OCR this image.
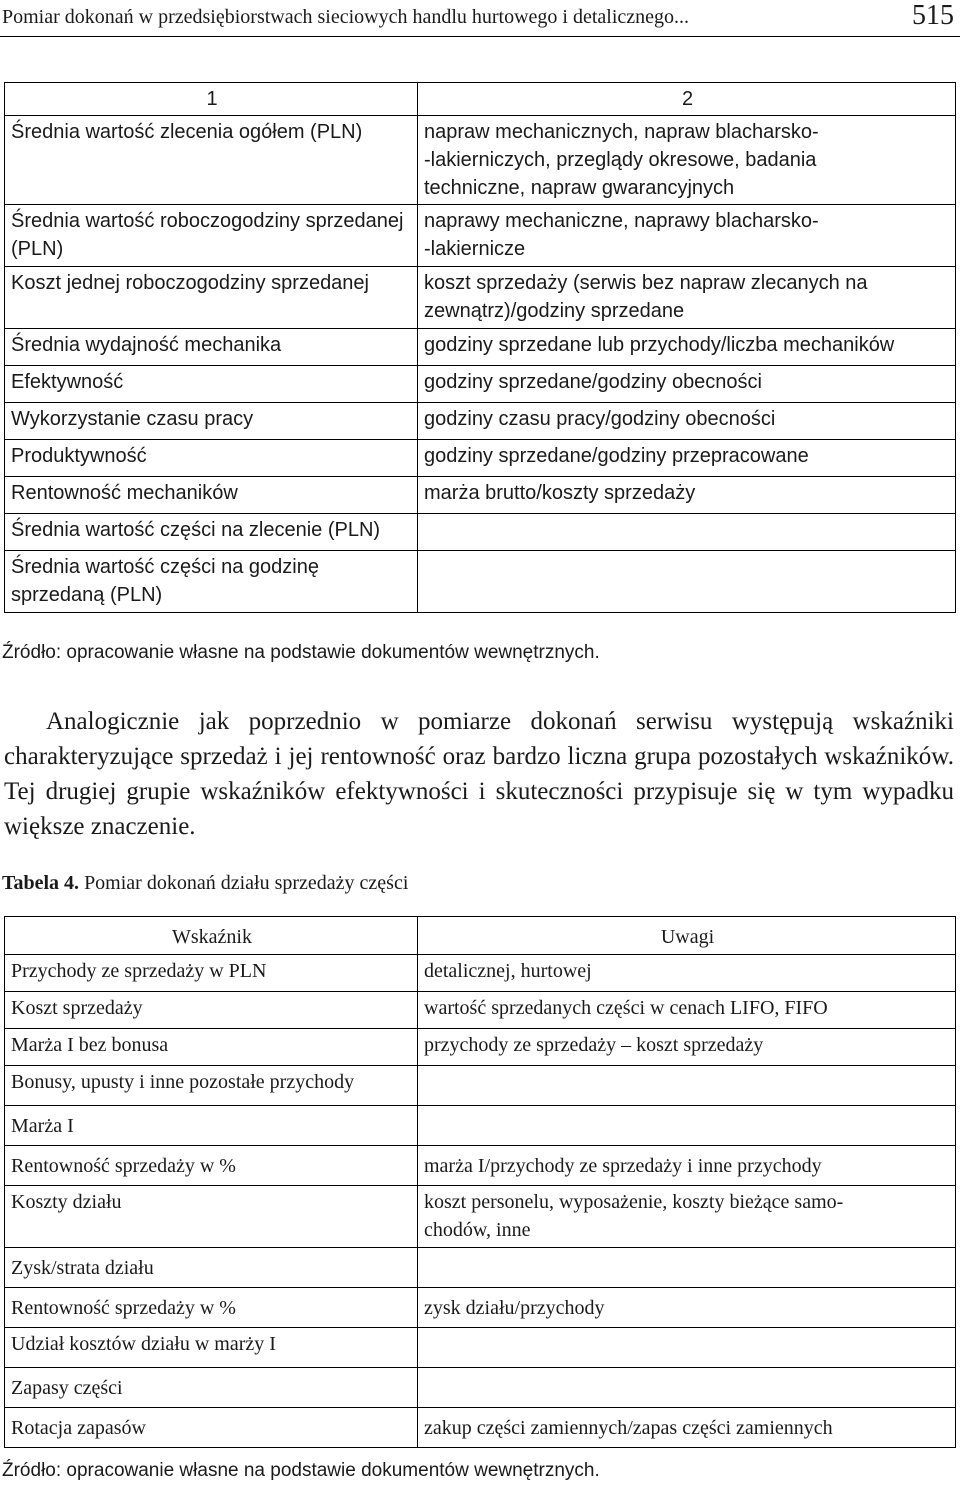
Pomiar dokonań w przedsiębiorstwach sieciowych handlu hurtowego i detalicznego...	515
1	2
Średnia wartość zlecenia ogółem (PLN)	napraw mechanicznych, napraw blacharsko-
-lakierniczych, przeglądy okresowe, badania
techniczne, napraw gwarancyjnych
Średnia wartość roboczogodziny sprzedanej
(PLN)	naprawy mechaniczne, naprawy blacharsko-
-lakiernicze
Koszt jednej roboczogodziny sprzedanej	koszt sprzedaży (serwis bez napraw zlecanych na
zewnątrz)/godziny sprzedane
Średnia wydajność mechanika	godziny sprzedane lub przychody/liczba mechaników
Efektywność	godziny sprzedane/godziny obecności
Wykorzystanie czasu pracy	godziny czasu pracy/godziny obecności
Produktywność	godziny sprzedane/godziny przepracowane
Rentowność mechaników	marża brutto/koszty sprzedaży
Średnia wartość części na zlecenie (PLN)	
Średnia wartość części na godzinę
sprzedaną (PLN)	
Źródło: opracowanie własne na podstawie dokumentów wewnętrznych.
Analogicznie jak poprzednio w pomiarze dokonań serwisu występują wskaźniki charakteryzujące sprzedaż i jej rentowność oraz bardzo liczna grupa pozostałych wskaźników. Tej drugiej grupie wskaźników efektywności i skuteczności przypisuje się w tym wypadku większe znaczenie.
Tabela 4. Pomiar dokonań działu sprzedaży części
Wskaźnik	Uwagi
Przychody ze sprzedaży w PLN	detalicznej, hurtowej
Koszt sprzedaży	wartość sprzedanych części w cenach LIFO, FIFO
Marża I bez bonusa	przychody ze sprzedaży – koszt sprzedaży
Bonusy, upusty i inne pozostałe przychody	
Marża I	
Rentowność sprzedaży w %	marża I/przychody ze sprzedaży i inne przychody
Koszty działu	koszt personelu, wyposażenie, koszty bieżące samo-
chodów, inne
Zysk/strata działu	
Rentowność sprzedaży w %	zysk działu/przychody
Udział kosztów działu w marży I	
Zapasy części	
Rotacja zapasów	zakup części zamiennych/zapas części zamiennych
Źródło: opracowanie własne na podstawie dokumentów wewnętrznych.
